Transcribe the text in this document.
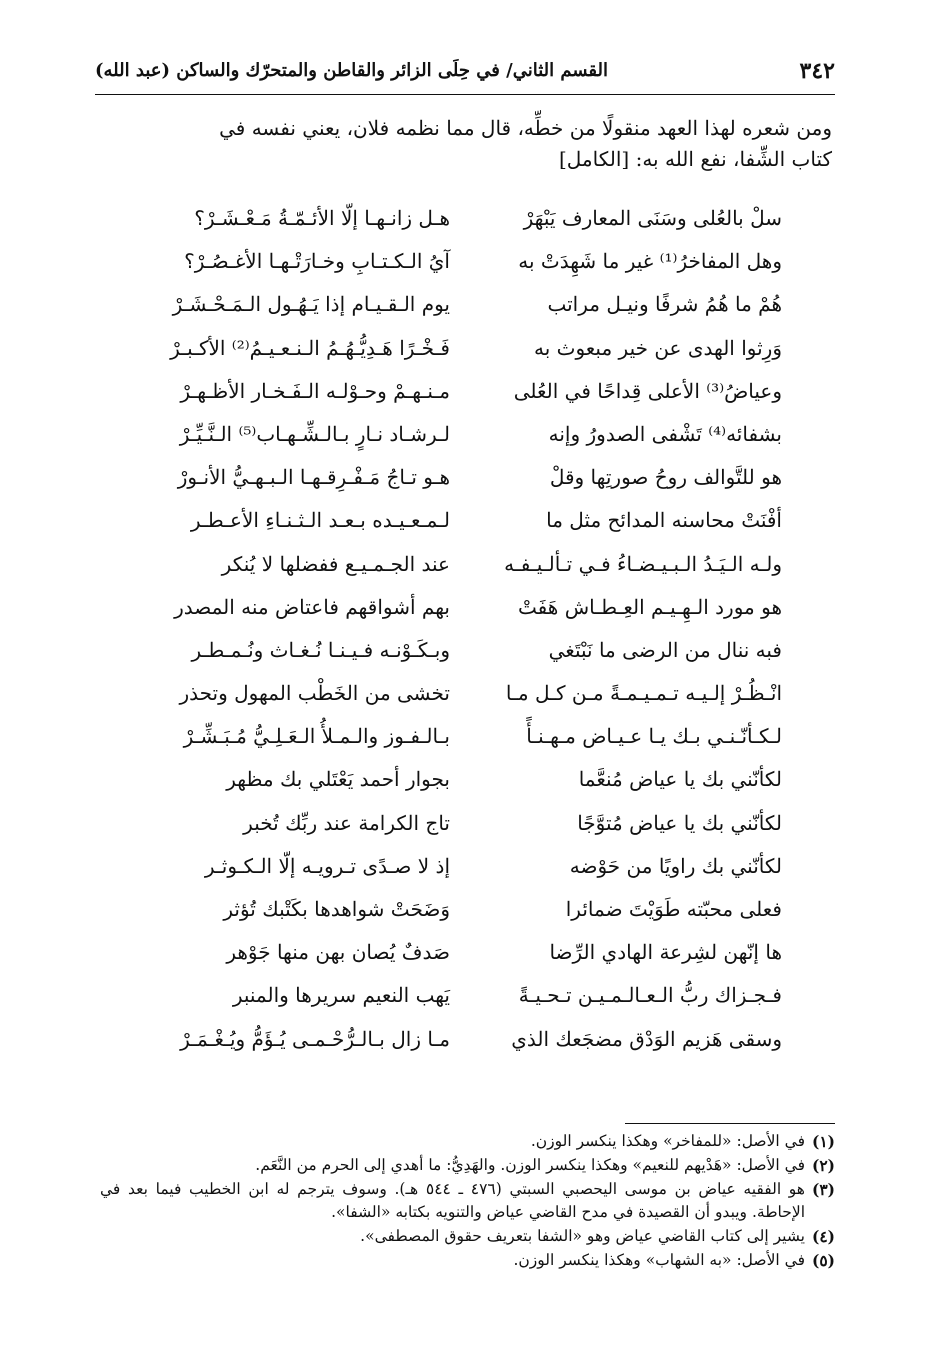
٣٤٢
القسم الثاني/ في حِلَى الزائر والقاطن والمتحرّك والساكن (عبد الله)

ومن شعره لهذا العهد منقولًا من خطِّه، قال مما نظمه فلان، يعني نفسه في

كتاب الشِّفا، نفع الله به: [الكامل]

سلْ بالعُلى وسَنَى المعارف يَبْهَرْ
هـل زانـهـا إلّا الأئـمّـةُ مَـعْـشَـرْ؟
وهل المفاخرُ⁽¹⁾ غير ما شَهِدَتْ به
آيُ الـكـتـابِ وخـارَتْـهـا الأغـصُـرْ؟
هُمْ ما هُمُ شرفًا ونيـل مراتب
يوم الـقـيـام إذا يَـهُـول الـمَـحْـشَـرْ
وَرِثوا الهدى عن خير مبعوث به
فَـخْـرًا هَـدِيُّـهُـمُ الـنـعـيـمُ⁽²⁾ الأكـبـرْ
وعياضُ⁽³⁾ الأعلى قِداحًا في العُلى
مـنـهـمْ وحـوْلـه الـفَـخـار الأظـهـرْ
بشفائه⁽⁴⁾ تَشْفى الصدورُ وإنه
لـرشـاد نـارٍ بـالـشِّـهـاب⁽⁵⁾ الـنَّـيِّـرْ
هو للتَّوالف روحُ صورتِها وقلْ
هـو تـاجُ مَـفْـرِقـهـا الـبـهـيُّ الأنـورْ
أفْنَتْ محاسنه المدائح مثل ما
لـمـعـيـده بـعـد الـثـنـاءِ الأعـطـر
ولـه الـيَـدُ الـبـيـضـاءُ فـي تـألـيـفـه
عند الجـمـيـع ففضلها لا يُنكر
هو مورد الـهِـيـم العِـطـاش هَفَتْ
بهم أشواقهم فاعتاض منه المصدر
فبه ننال من الرضى ما نَبْتَغي
وبـكَـوْنـه فـيـنـا نُـغـاث ونُـمـطـر
انْـظُـرْ إلـيـه تـمـيـمـةً مـن كـل مـا
تخشى من الخَطْب المهول وتحذر
لـكـأنّـنـي بـك يـا عـيـاض مـهـنـأً
بـالـفـوز والـمـلأُ الـعَـلِـيُّ مُـبَـشِّـرْ
لكأنّني بك يا عياض مُنعَّما
بجوار أحمد يَعْتَلي بك مظهر
لكأنّني بك يا عياض مُتوَّجًا
تاج الكرامة عند ربِّك تُخبر
لكأنّني بك راويًا من حَوْضه
إذ لا صـدًى تـرويـه إلّا الـكـوثـر
فعلى محبّته طَوَيْتَ ضمائرا
وَضَحَتْ شواهدها بكَتْبك تُؤثر
ها إنّهن لشِرعة الهادي الرِّضا
صَدفٌ يُصان بهن منها جَوْهر
فـجـزاك ربُّ الـعـالـمـيـن تـحـيـةً
يَهب النعيم سريرها والمنبر
وسقى هَزيم الوَدْق مضجَعك الذي
مـا زال بـالـرُّحْـمـى يُـؤَمُّ ويُـغْـمَـرْ
(١)
في الأصل: «للمفاخر» وهكذا ينكسر الوزن.
(٢)
في الأصل: «هَدْيهم للنعيم» وهكذا ينكسر الوزن. والهَدِيُّ: ما أهدي إلى الحرم من النَّعَم.
(٣)
هو الفقيه عياض بن موسى اليحصبي السبتي (٤٧٦ ـ ٥٤٤ هـ). وسوف يترجم له ابن الخطيب فيما بعد في الإحاطة. ويبدو أن القصيدة في مدح القاضي عياض والتنويه بكتابه «الشفا».
(٤)
يشير إلى كتاب القاضي عياض وهو «الشفا بتعريف حقوق المصطفى».
(٥)
في الأصل: «به الشهاب» وهكذا ينكسر الوزن.
